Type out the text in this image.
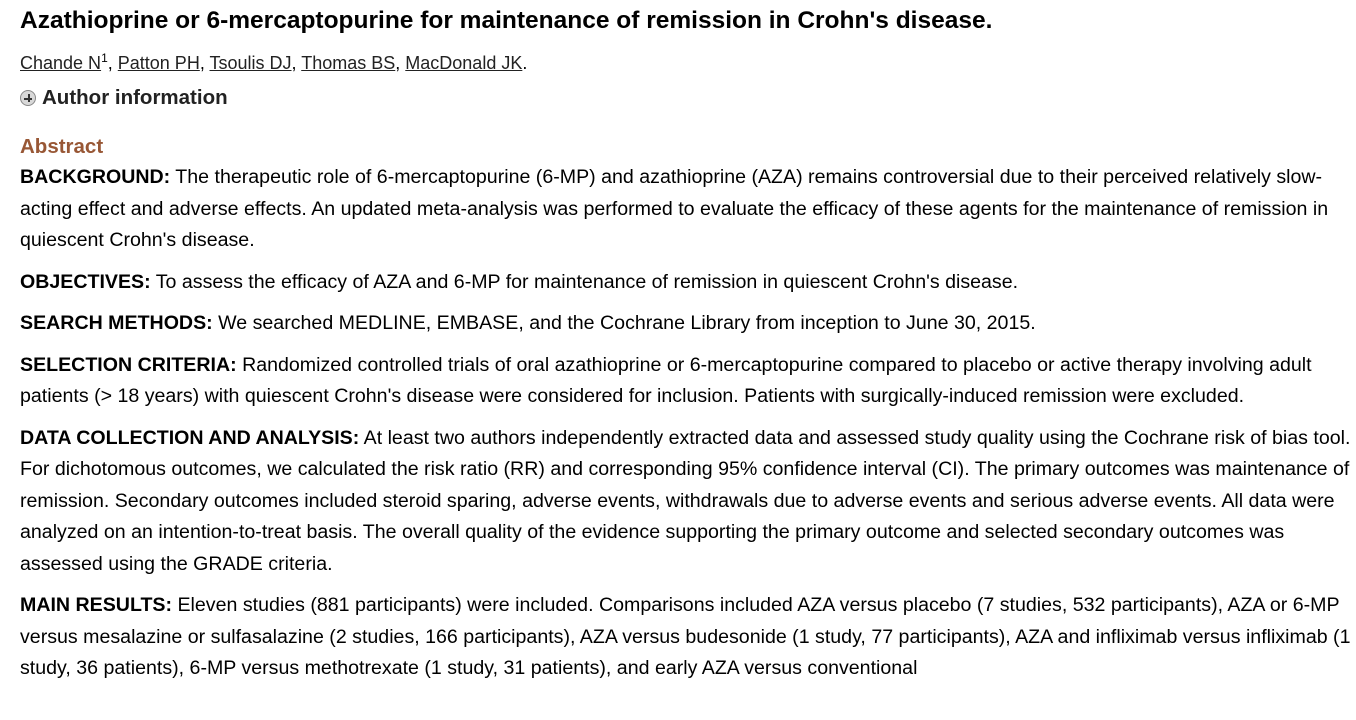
Azathioprine or 6-mercaptopurine for maintenance of remission in Crohn's disease.
Chande $N^1$, Patton PH, Tsoulis DJ, Thomas BS, MacDonald JK.
Author information
Abstract

BACKGROUND: The therapeutic role of 6-mercaptopurine (6-MP) and azathioprine (AZA) remains controversial due to their perceived relatively slow-acting effect and adverse effects. An updated meta-analysis was performed to evaluate the efficacy of these agents for the maintenance of remission in quiescent Crohn's disease.

OBJECTIVES: To assess the efficacy of AZA and 6-MP for maintenance of remission in quiescent Crohn's disease.

SEARCH METHODS: We searched MEDLINE, EMBASE, and the Cochrane Library from inception to June 30, 2015.

SELECTION CRITERIA: Randomized controlled trials of oral azathioprine or 6-mercaptopurine compared to placebo or active therapy involving adult patients (> 18 years) with quiescent Crohn's disease were considered for inclusion. Patients with surgically-induced remission were excluded.

DATA COLLECTION AND ANALYSIS: At least two authors independently extracted data and assessed study quality using the Cochrane risk of bias tool. For dichotomous outcomes, we calculated the risk ratio (RR) and corresponding 95% confidence interval (CI). The primary outcomes was maintenance of remission. Secondary outcomes included steroid sparing, adverse events, withdrawals due to adverse events and serious adverse events. All data were analyzed on an intention-to-treat basis. The overall quality of the evidence supporting the primary outcome and selected secondary outcomes was assessed using the GRADE criteria.

MAIN RESULTS: Eleven studies (881 participants) were included. Comparisons included AZA versus placebo (7 studies, 532 participants), AZA or 6-MP versus mesalazine or sulfasalazine (2 studies, 166 participants), AZA versus budesonide (1 study, 77 participants), AZA and infliximab versus infliximab (1 study, 36 patients), 6-MP versus methotrexate (1 study, 31 patients), and early AZA versus conventional
